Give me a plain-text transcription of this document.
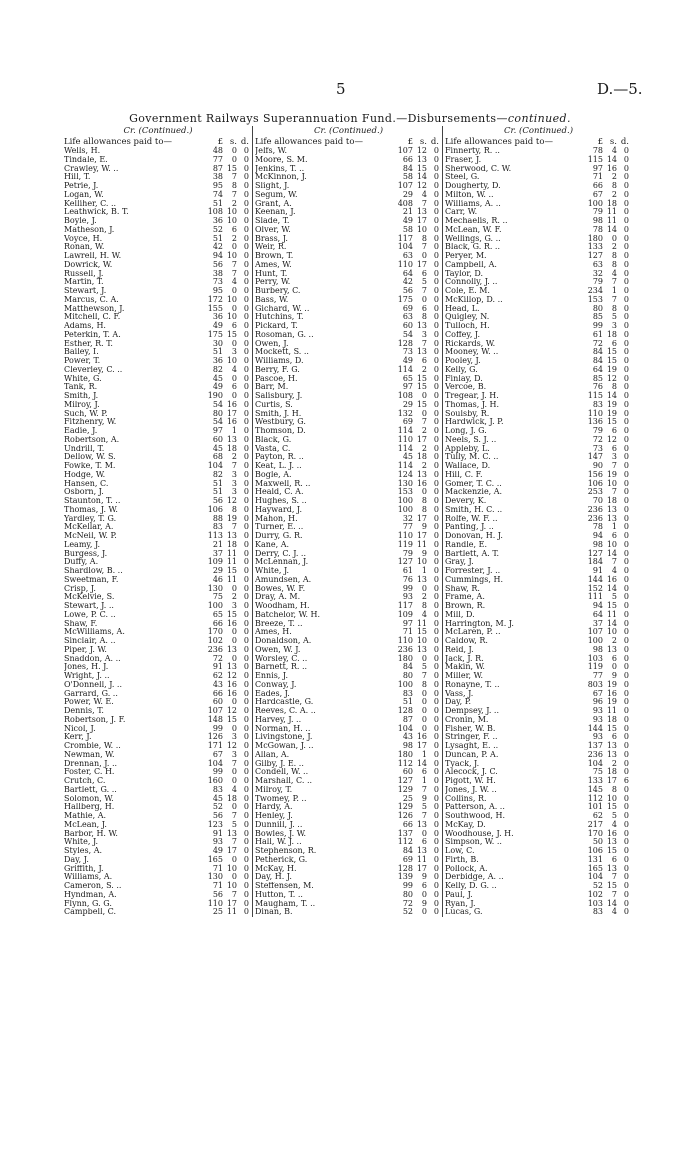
5	D.—5.
Government Railways Superannuation Fund.—Disbursements—continued.
Cr. (Continued.)
Life allowances paid to—	£ s. d.
Wells, H.	48	0 0
Tindale, E.	77	0 0
Crawley, W. ..	87 15 0
Hill, T.	38	7 0
Petrie, J.	95	8 0
Logan, W.	74	7 0
Kelliher, C. ..	51	2 0
Leathwick, B. T.	108 10 0
Boyle, J.	36 10 0
Matheson, J.	52	6 0
Voyce, H.	51	2 0
Ronan, W.	42	0 0
Lawrell, H. W.	94 10 0
Dowrick, W.	56	7 0
Russell, J.	38	7 0
Martin, T.	73	4 0
Stewart, J.	95	0 0
Marcus, C. A.	172 10 0
Matthewson, J.	155	0 0
Mitchell, C. F.	36 10 0
Adams, H.	49	6 0
Peterkin, T. A.	175 15 0
Esther, R. T.	30	0 0
Bailey, I.	51	3 0
Power, T.	36 10 0
Cleverley, C. ..	82	4 0
White, G.	45	0 0
Tank, R.	49	6 0
Smith, J.	190	0 0
Milroy, J.	54 16 0
Such, W. P.	80 17 0
Fitzhenry, W.	54 16 0
Eadie, J.	97	1 0
Robertson, A.	60 13 0
Undrill, T.	45 18 0
Dellow, W. S.	68	2 0
Fowke, T. M.	104	7 0
Hodge, W.	82	3 0
Hansen, C.	51	3 0
Osborn, J.	51	3 0
Staunton, T. ..	56 12 0
Thomas, J. W.	106	8 0
Yardley, T. G.	88 19 0
McKellar, A.	83	7 0
McNeil, W. P.	113 13 0
Leamy, J.	21 18 0
Burgess, J.	37 11 0
Duffy, A.	109 11 0
Shardlow, B. ..	29 15 0
Sweetman, F.	46 11 0
Crisp, J.	130	0 0
McKelvie, S.	75	2 0
Stewart, J. ..	100	3 0
Lowe, P. C. ..	65 15 0
Shaw, F.	66 16 0
McWilliams, A.	170	0 0
Sinclair, A. ..	102	0 0
Piper, J. W.	236 13 0
Snaddon, A. ..	72	0 0
Jones, H. J.	91 13 0
Wright, J. ..	62 12 0
O'Donnell, J. ..	43 16 0
Garrard, G. ..	66 16 0
Power, W. E.	60	0 0
Dennis, T.	107 12 0
Robertson, J. F.	148 15 0
Nicol, J.	99	0 0
Kerr, J.	126	3 0
Crombie, W. ..	171 12 0
Newman, W.	67	3 0
Drennan, J. ..	104	7 0
Foster, C. H.	99	0 0
Crutch, C.	160	0 0
Bartlett, G. ..	83	4 0
Solomon, W.	45 18 0
Hallberg, H.	52	0 0
Mathie, A.	56	7 0
McLean, J.	123	5 0
Barbor, H. W.	91 13 0
White, J.	93	7 0
Styles, A.	49 17 0
Day, J.	165	0 0
Griffith, J.	71 10 0
Williams, A.	130	0 0
Cameron, S. ..	71 10 0
Hyndman, A.	56	7 0
Flynn, G. G.	110 17 0
Campbell, C.	25 11 0
Cr. (Continued.)
Life allowances paid to—	£ s. d.
Jelfs, W.	107 12 0
Moore, S. M.	66 13 0
Jenkins, T. ..	84 15 0
McKinnon, J.	58 14 0
Slight, J.	107 12 0
Segum, W.	29	4 0
Grant, A.	408	7 0
Keenan, J.	21 13 0
Slade, T.	49 17 0
Olver, W.	58 10 0
Brass, J.	117	8 0
Weir, R.	104	7 0
Brown, T.	63	0 0
Ames, W.	110 17 0
Hunt, T.	64	6 0
Perry, W.	42	5 0
Burbery, C.	56	7 0
Bass, W.	175	0 0
Gichard, W. ..	69	6 0
Hutchins, T.	63	8 0
Pickard, T.	60 13 0
Rosoman, G. ..	54	3 0
Owen, J.	128	7 0
Mockett, S. ..	73 13 0
Williams, D.	49	6 0
Berry, F. G.	114	2 0
Pascoe, H.	65 15 0
Barr, M.	97 15 0
Salisbury, J.	108	0 0
Curtis, S.	29 15 0
Smith, J. H.	132	0 0
Westbury, G.	69	7 0
Thomson, D.	114	2 0
Black, G.	110 17 0
Vasta, C.	114	2 0
Payton, R. ..	45 18 0
Keat, L. J. ..	114	2 0
Bogle, A.	124 13 0
Maxwell, R. ..	130 16 0
Heald, C. A.	153	0 0
Hughes, S. ..	100	8 0
Hayward, J.	100	8 0
Mahon, H.	32 17 0
Turner, E. ..	77	9 0
Durry, G. R.	110 17 0
Kane, A.	119 11 0
Derry, C. J. ..	79	9 0
McLennan, J.	127 10 0
White, J.	61	1 0
Amundsen, A.	76 13 0
Bowes, W. F.	99	0 0
Dray, A. M.	93	2 0
Woodham, H.	117	8 0
Batchelor, W. H.	109	4 0
Breeze, T. ..	97 11 0
Ames, H.	71 15 0
Donaldson, A.	110 10 0
Owen, W. J.	236 13 0
Worsley, C. ..	180	0 0
Barnett, R. ..	84	5 0
Ennis, J.	80	7 0
Conway, J.	100	8 0
Eades, J.	83	0 0
Hardcastle, G.	51	0 0
Reeves, C. A. ..	128	0 0
Harvey, J. ..	87	0 0
Norman, H. ..	104	0 0
Livingstone, J.	43 16 0
McGowan, J. ..	98 17 0
Allan, A.	180	1 0
Gilby, J. E. ..	112 14 0
Condell, W. ..	60	6 0
Marshall, C. ..	127	1 0
Milroy, T.	129	7 0
Twomey, P. ..	25	9 0
Hardy, A.	129	5 0
Henley, J.	126	7 0
Dunnill, J. ..	66 13 0
Bowles, J. W.	137	0 0
Hall, W. J. ..	112	6 0
Stephenson, R.	84 13 0
Petherick, G.	69 11 0
McKay, H.	128 17 0
Day, H. J.	139	9 0
Steffensen, M.	99	6 0
Hutton, T. ..	80	0 0
Maugham, T. ..	72	9 0
Dinan, B.	52	0 0
Cr. (Continued.)
Life allowances paid to—	£ s. d.
Finnerty, R. ..	78	4 0
Fraser, J.	115 14 0
Sherwood, C. W.	97 16 0
Steel, G.	71	2 0
Dougherty, D.	66	8 0
Milton, W. ..	67	2 0
Williams, A. ..	100 18 0
Carr, W.	79 11 0
Mechaelis, R. ..	98 11 0
McLean, W. F.	78 14 0
Wellings, G. ..	180	0 0
Black, G. R. ..	133	2 0
Peryer, M.	127	8 0
Campbell, A.	63	8 0
Taylor, D.	32	4 0
Connolly, J. ..	79	7 0
Cole, E. M.	234	1 0
McKillop, D. ..	153	7 0
Head, L.	80	8 0
Quigley, N.	85	5 0
Tulloch, H.	99	3 0
Coffey, J.	61 18 0
Rickards, W.	72	6 0
Mooney, W. ..	84 15 0
Pooley, J.	84 15 0
Kelly, G.	64 19 0
Finlay, D.	85 12 0
Vercoe, B.	76	8 0
Tregear, J. H.	115 14 0
Thomas, J. H.	83 19 0
Soulsby, R.	110 19 0
Hardwick, J. P.	136 15 0
Long, J. G.	79	6 0
Neels, S. J. ..	72 12 0
Appleby, L.	73	6 0
Tully, M. C. ..	147	3 0
Wallace, D.	90	7 0
Hill, C. F.	156 19 0
Gomer, T. C. ..	106 10 0
Mackenzie, A.	253	7 0
Devery, K.	70 18 0
Smith, H. C. ..	236 13 0
Rolfe, W. F. ..	236 13 0
Panting, J. ..	78	1 0
Donovan, H. J.	94	6 0
Randle, E.	98 10 0
Bartlett, A. T.	127 14 0
Gray, J.	184	7 0
Forrester, J. ..	91	4 0
Cummings, H.	144 16 0
Shaw, R.	152 14 0
Frame, A.	111	5 0
Brown, R.	94 15 0
Mill, D.	64 11 0
Harrington, M. J.	37 14 0
McLaren, P. ..	107 10 0
Caldow, R.	100	2 0
Reid, J.	98 13 0
Jack, J. R.	103	6 0
Makin, W.	119	0 0
Miller, W.	77	9 0
Ronayne, T. ..	803 19 0
Vass, J.	67 16 0
Day, P.	96 19 0
Dempsey, J. ..	93 11 0
Cronin, M.	93 18 0
Fisher, W. B.	144 15 0
Stringer, F. ..	93	6 0
Lysaght, E. ..	137 13 0
Duncan, P. A.	236 13 0
Tyack, J.	104	2 0
Alecock, J. C.	75 18 0
Pigott, W. H.	133 17 6
Jones, J. W. ..	145	8 0
Collins, R.	112 10 0
Patterson, A. ..	101 15 0
Southwood, H.	62	5 0
McKay, D.	217	4 0
Woodhouse, J. H.	170 16 0
Simpson, W. ..	50 13 0
Low, C.	106 15 0
Firth, B.	131	6 0
Pollock, A.	165 13 0
Derbidge, A. ..	104	7 0
Kelly, D. G. ..	52 15 0
Paul, J.	102	7 0
Ryan, J.	103 14 0
Lucas, G.	83	4 0
